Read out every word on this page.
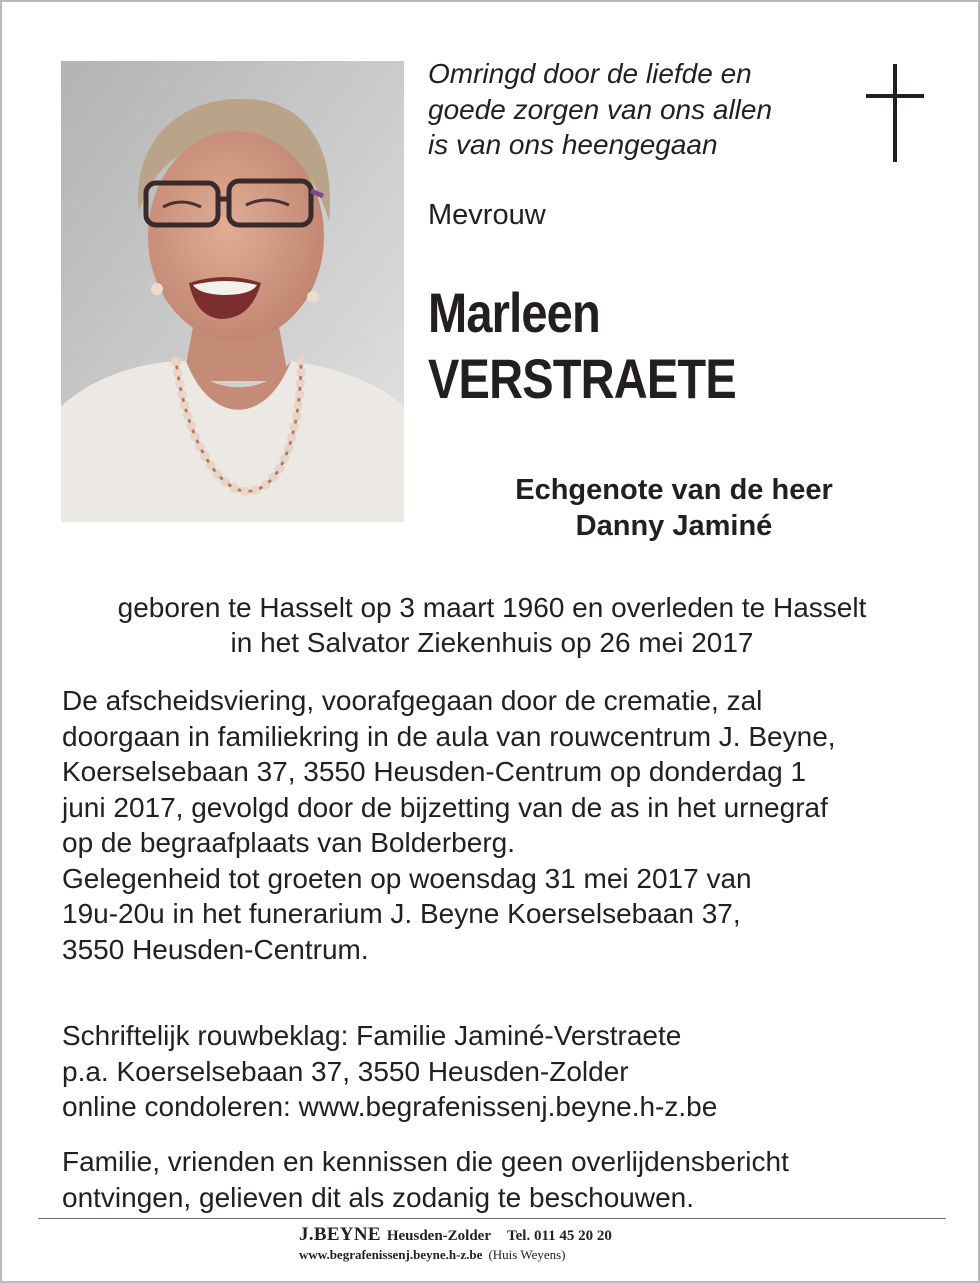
Omringd door de liefde en
goede zorgen van ons allen
is van ons heengegaan
Mevrouw
Marleen
VERSTRAETE
Echgenote van de heer
Danny Jaminé
geboren te Hasselt op 3 maart 1960 en overleden te Hasselt
in het Salvator Ziekenhuis op 26 mei 2017
De afscheidsviering, voorafgegaan door de crematie, zal
doorgaan in familiekring in de aula van rouwcentrum J. Beyne,
Koerselsebaan 37, 3550 Heusden-Centrum op donderdag 1
juni 2017, gevolgd door de bijzetting van de as in het urnegraf
op de begraafplaats van Bolderberg.
Gelegenheid tot groeten op woensdag 31 mei 2017 van
19u-20u in het funerarium J. Beyne Koerselsebaan 37,
3550 Heusden-Centrum.
Schriftelijk rouwbeklag: Familie Jaminé-Verstraete
p.a. Koerselsebaan 37, 3550 Heusden-Zolder
online condoleren: www.begrafenissenj.beyne.h-z.be
Familie, vrienden en kennissen die geen overlijdensbericht
ontvingen, gelieven dit als zodanig te beschouwen.
J.BEYNE Heusden-Zolder Tel. 011 45 20 20
www.begrafenissenj.beyne.h-z.be (Huis Weyens)
